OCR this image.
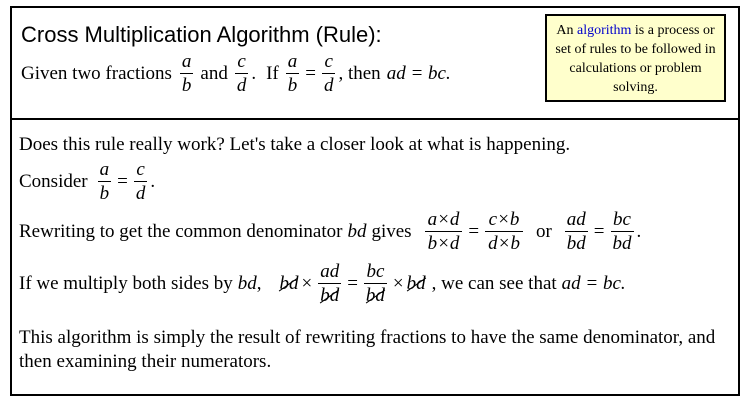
Cross Multiplication Algorithm (Rule):	An algorithm is a process or set of rules to be followed in calculations or problem solving.
Given two fractions $\frac{a}{b}$ and $\frac{c}{d}$ . If $\frac{a}{b} = \frac{c}{d}$ , then ad = bc.
Does this rule really work? Let's take a closer look at what is happening.
Consider $\frac{a}{b} = \frac{c}{d}$ .
Rewriting to get the common denominator bd gives $\frac{a\times d}{b\times d} = \frac{c\times b}{d\times b}$ or $\frac{ad}{bd} = \frac{bc}{bd}$ .
If we multiply both sides by bd , bd × $\frac{ad}{bd} = \frac{bc}{bd}$ × bd , we can see that ad = bc.
This algorithm is simply the result of rewriting fractions to have the same denominator, and then examining their numerators.
